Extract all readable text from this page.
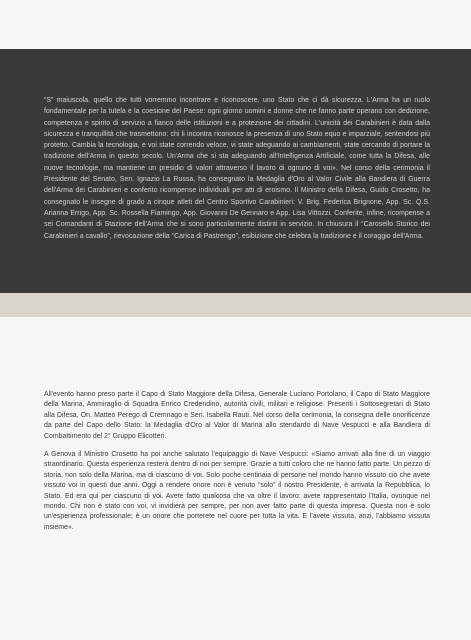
“S” maiuscola, quello che tutti vorremmo incontrare e riconoscere, uno Stato che ci dà sicurezza. L'Arma ha un ruolo fondamentale per la tutela e la coesione del Paese: ogni giorno uomini e donne che ne fanno parte operano con dedizione, competenza e spirito di servizio a fianco delle istituzioni e a protezione dei cittadini. L'unicità dei Carabinieri è data dalla sicurezza e tranquillità che trasmettono: chi li incontra riconosce la presenza di uno Stato equo e imparziale, sentendosi più protetto. Cambia la tecnologia, e voi state correndo veloce, vi state adeguando ai cambiamenti, state cercando di portare la tradizione dell'Arma in questo secolo. Un'Arma che si sta adeguando all'Intelligenza Artificiale, come tutta la Difesa, alle nuove tecnologie, ma mantiene un presidio di valori attraverso il lavoro di ognuno di voi». Nel corso della cerimonia il Presidente del Senato, Sen. Ignazio La Russa, ha consegnato la Medaglia d'Oro al Valor Civile alla Bandiera di Guerra dell'Arma dei Carabinieri e conferito ricompense individuali per atti di eroismo. Il Ministro della Difesa, Guido Crosetto, ha consegnato le insegne di grado a cinque atleti del Centro Sportivo Carabinieri: V. Brig. Federica Brignone, App. Sc. Q.S. Arianna Errigo, App. Sc. Rossella Fiamingo, App. Giovanni De Gennaro e App. Lisa Vittozzi. Conferite, infine, ricompense a sei Comandanti di Stazione dell'Arma che si sono particolarmente distinti in servizio. In chiusura il “Carosello Storico dei Carabinieri a cavallo”, rievocazione della “Carica di Pastrengo”, esibizione che celebra la tradizione e il coraggio dell'Arma.

All'evento hanno preso parte il Capo di Stato Maggiore della Difesa, Generale Luciano Portolano, il Capo di Stato Maggiore della Marina, Ammiraglio di Squadra Enrico Credendino, autorità civili, militari e religiose. Presenti i Sottosegretari di Stato alla Difesa, On. Matteo Perego di Cremnago e Sen. Isabella Rauti. Nel corso della cerimonia, la consegna delle onorificenze da parte del Capo dello Stato: la Medaglia d'Oro al Valor di Marina allo stendardo di Nave Vespucci e alla Bandiera di Combattimento del 2° Gruppo Elicotteri.

A Genova il Ministro Crosetto ha poi anche salutato l'equipaggio di Nave Vespucci: «Siamo arrivati alla fine di un viaggio straordinario. Questa esperienza resterà dentro di noi per sempre. Grazie a tutti coloro che ne hanno fatto parte. Un pezzo di storia, non solo della Marina, ma di ciascuno di voi. Solo poche centinaia di persone nel mondo hanno vissuto ciò che avete vissuto voi in questi due anni. Oggi a rendere onore non è venuto “solo” il nostro Presidente, è arrivata la Repubblica, lo Stato. Ed era qui per ciascuno di voi. Avete fatto qualcosa che va oltre il lavoro: avete rappresentato l'Italia, ovunque nel mondo. Chi non è stato con voi, vi invidierà per sempre, per non aver fatto parte di questa impresa. Questa non è solo un'esperienza professionale; è un onore che porterete nel cuore per tutta la vita. E l'avete vissuta, anzi, l'abbiamo vissuta insieme».
